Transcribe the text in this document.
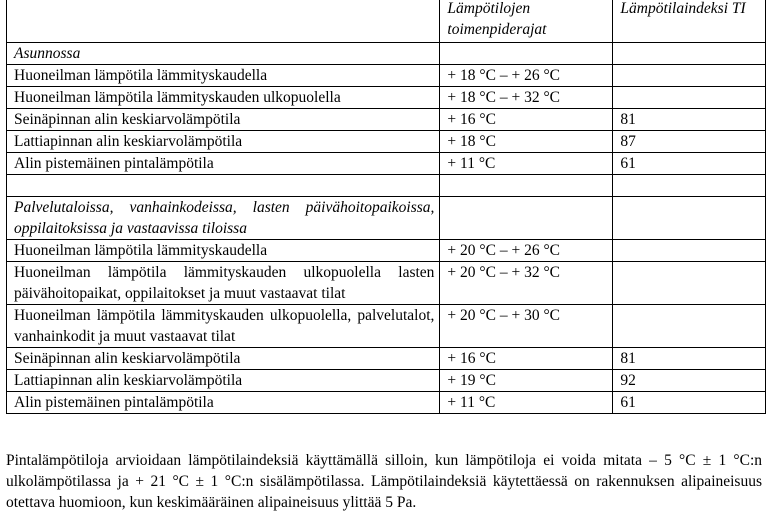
	Lämpötilojen toimenpiderajat	Lämpötilaindeksi TI
Asunnossa		
Huoneilman lämpötila lämmityskaudella	+ 18 °C – + 26 °C	
Huoneilman lämpötila lämmityskauden ulkopuolella	+ 18 °C – + 32 °C	
Seinäpinnan alin keskiarvolämpötila	+ 16 °C	81
Lattiapinnan alin keskiarvolämpötila	+ 18 °C	87
Alin pistemäinen pintalämpötila	+ 11 °C	61

Palvelutaloissa, vanhainkodeissa, lasten päivähoitopaikoissa, oppilaitoksissa ja vastaavissa tiloissa		
Huoneilman lämpötila lämmityskaudella	+ 20 °C – + 26 °C	
Huoneilman lämpötila lämmityskauden ulkopuolella lasten päivähoitopaikat, oppilaitokset ja muut vastaavat tilat	+ 20 °C – + 32 °C	
Huoneilman lämpötila lämmityskauden ulkopuolella, palvelutalot, vanhainkodit ja muut vastaavat tilat	+ 20 °C – + 30 °C	
Seinäpinnan alin keskiarvolämpötila	+ 16 °C	81
Lattiapinnan alin keskiarvolämpötila	+ 19 °C	92
Alin pistemäinen pintalämpötila	+ 11 °C	61

Pintalämpötiloja arvioidaan lämpötilaindeksiä käyttämällä silloin, kun lämpötiloja ei voida mitata – 5 °C ± 1 °C:n ulkolämpötilassa ja + 21 °C ± 1 °C:n sisälämpötilassa. Lämpötilaindeksiä käytettäessä on rakennuksen alipaineisuus otettava huomioon, kun keskimääräinen alipaineisuus ylittää 5 Pa.
